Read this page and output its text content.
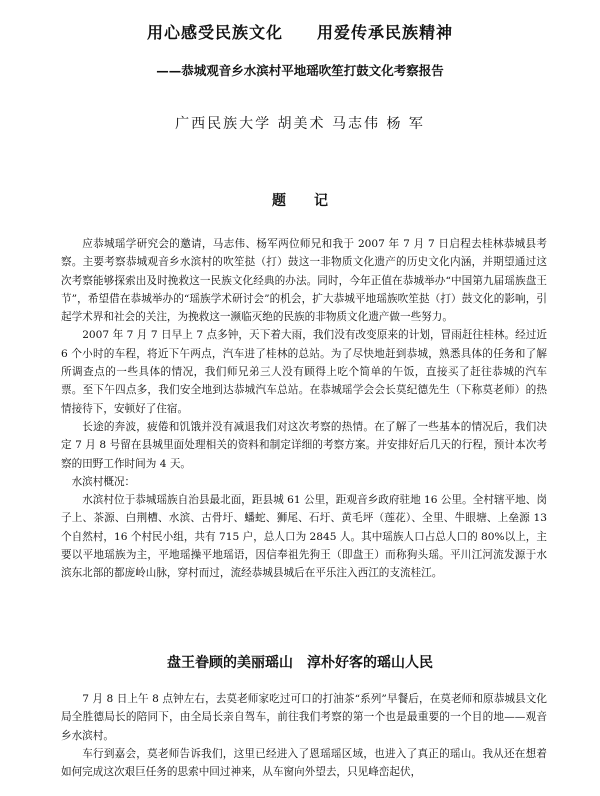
用心感受民族文化　　用爱传承民族精神
——恭城观音乡水滨村平地瑶吹笙打鼓文化考察报告
广西民族大学 胡美术 马志伟 杨 军
题　　记

应恭城瑶学研究会的邀请，马志伟、杨军两位师兄和我于 2007 年 7 月 7 日启程去桂林恭城县考察。主要考察恭城观音乡水滨村的吹笙挞（打）鼓这一非物质文化遗产的历史文化内涵，并期望通过这次考察能够探索出及时挽救这一民族文化经典的办法。同时，今年正值在恭城举办“中国第九届瑶族盘王节”，希望借在恭城举办的“瑶族学术研讨会”的机会，扩大恭城平地瑶族吹笙挞（打）鼓文化的影响，引起学术界和社会的关注，为挽救这一濒临灭绝的民族的非物质文化遗产做一些努力。

2007 年 7 月 7 日早上 7 点多钟，天下着大雨，我们没有改变原来的计划，冒雨赶往桂林。经过近 6 个小时的车程，将近下午两点，汽车进了桂林的总站。为了尽快地赶到恭城，熟悉具体的任务和了解所调查点的一些具体的情况，我们师兄弟三人没有顾得上吃个简单的午饭，直接买了赶往恭城的汽车票。至下午四点多，我们安全地到达恭城汽车总站。在恭城瑶学会会长莫纪德先生（下称莫老师）的热情接待下，安顿好了住宿。

长途的奔波，疲倦和饥饿并没有减退我们对这次考察的热情。在了解了一些基本的情况后，我们决定 7 月 8 号留在县城里面处理相关的资料和制定详细的考察方案。并安排好后几天的行程，预计本次考察的田野工作时间为 4 天。

水滨村概况：

水滨村位于恭城瑶族自治县最北面，距县城 61 公里，距观音乡政府驻地 16 公里。全村辖平地、岗子上、茶源、白荆槽、水滨、古骨圩、蟠蛇、狮尾、石圩、黄毛坪（莲花）、全里、牛眼塘、上垒源 13 个自然村，16 个村民小组，共有 715 户，总人口为 2845 人。其中瑶族人口占总人口的 80%以上，主要以平地瑶族为主，平地瑶操平地瑶语，因信奉祖先狗王（即盘王）而称狗头瑶。平川江河流发源于水滨东北部的都庞岭山脉，穿村而过，流经恭城县城后在平乐注入西江的支流桂江。

盘王眷顾的美丽瑶山　淳朴好客的瑶山人民

7 月 8 日上午 8 点钟左右，去莫老师家吃过可口的打油茶“系列”早餐后，在莫老师和原恭城县文化局全胜德局长的陪同下，由全局长亲自驾车，前往我们考察的第一个也是最重要的一个目的地——观音乡水滨村。

车行到嘉会，莫老师告诉我们，这里已经进入了恩瑶瑶区域，也进入了真正的瑶山。我从还在想着如何完成这次艰巨任务的思索中回过神来，从车窗向外望去，只见峰峦起伏，
